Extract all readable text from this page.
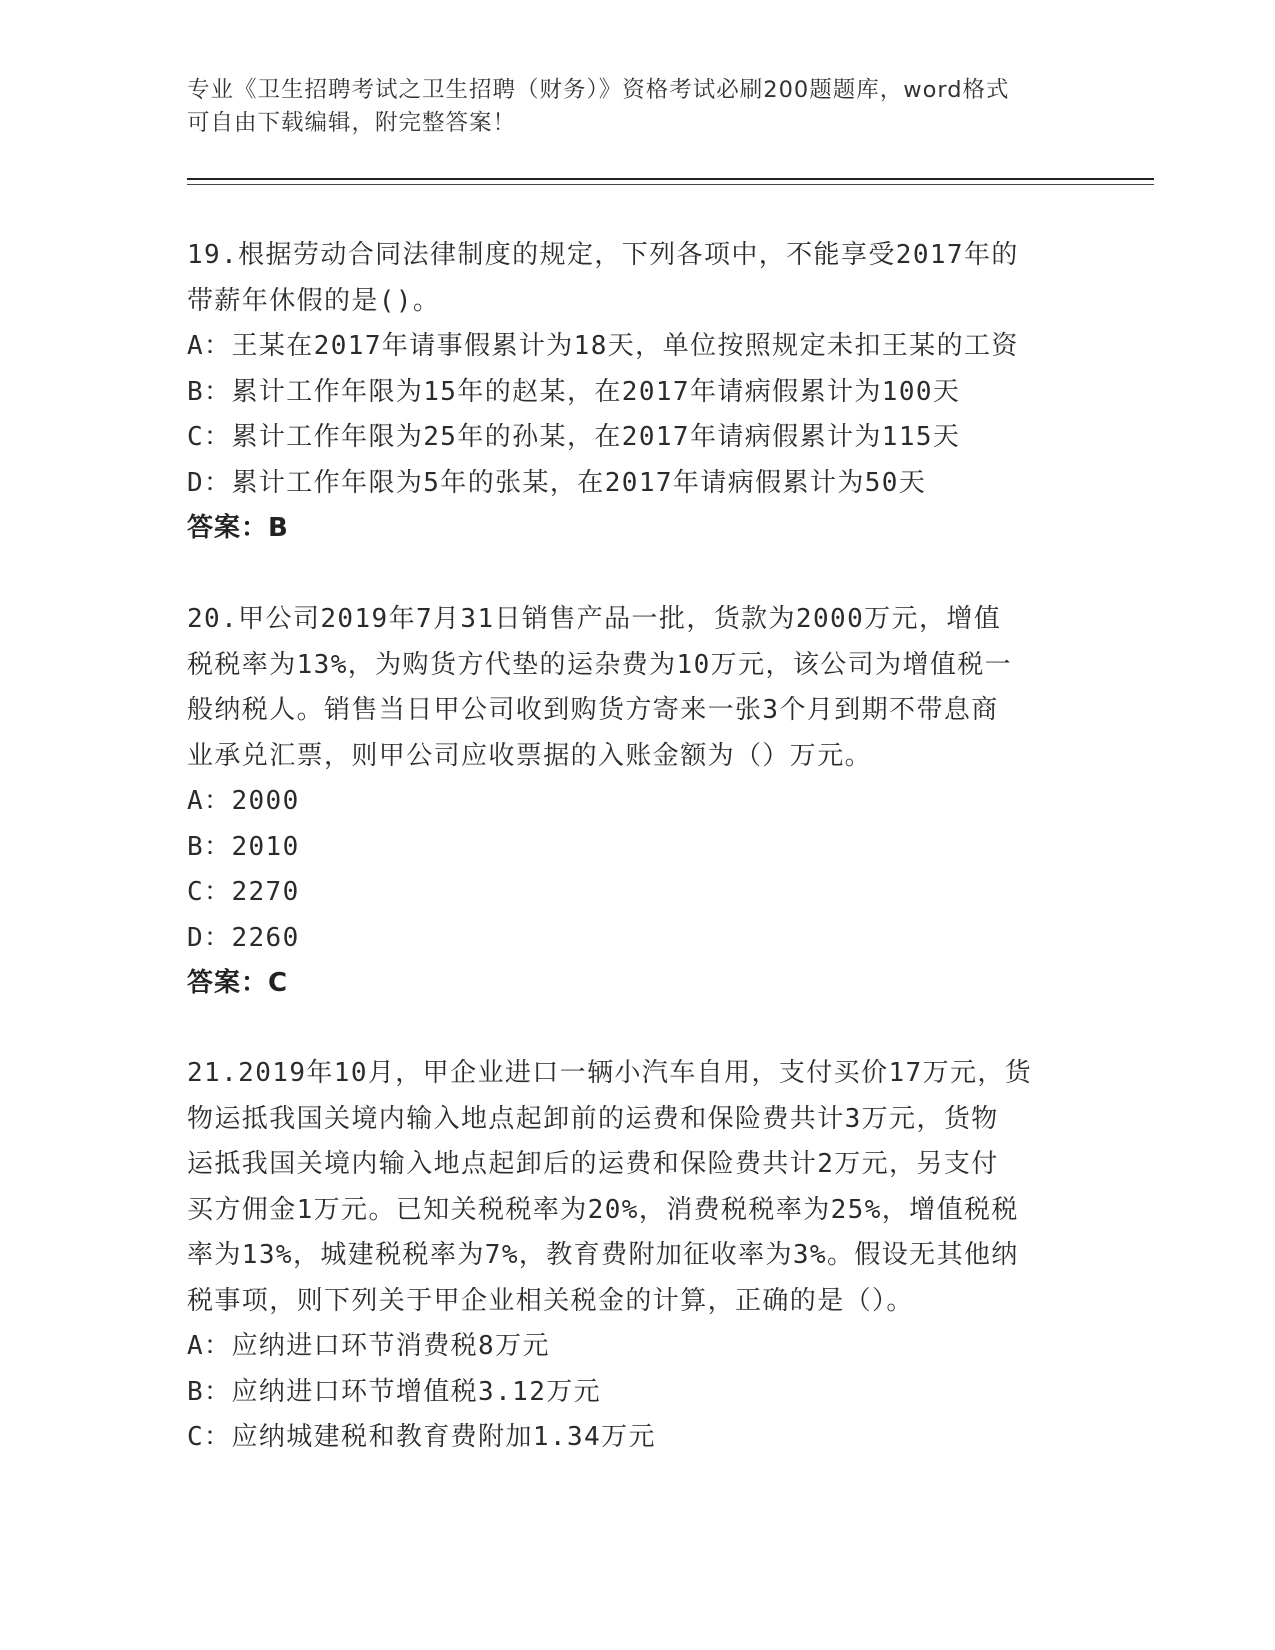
专业《卫生招聘考试之卫生招聘（财务）》资格考试必刷200题题库，word格式
可自由下载编辑，附完整答案！
19.根据劳动合同法律制度的规定，下列各项中，不能享受2017年的
带薪年休假的是()。
A：王某在2017年请事假累计为18天，单位按照规定未扣王某的工资
B：累计工作年限为15年的赵某，在2017年请病假累计为100天
C：累计工作年限为25年的孙某，在2017年请病假累计为115天
D：累计工作年限为5年的张某，在2017年请病假累计为50天
答案：B
20.甲公司2019年7月31日销售产品一批，货款为2000万元，增值
税税率为13%，为购货方代垫的运杂费为10万元，该公司为增值税一
般纳税人。销售当日甲公司收到购货方寄来一张3个月到期不带息商
业承兑汇票，则甲公司应收票据的入账金额为（）万元。
A：2000
B：2010
C：2270
D：2260
答案：C
21.2019年10月，甲企业进口一辆小汽车自用，支付买价17万元，货
物运抵我国关境内输入地点起卸前的运费和保险费共计3万元，货物
运抵我国关境内输入地点起卸后的运费和保险费共计2万元，另支付
买方佣金1万元。已知关税税率为20%，消费税税率为25%，增值税税
率为13%，城建税税率为7%，教育费附加征收率为3%。假设无其他纳
税事项，则下列关于甲企业相关税金的计算，正确的是（）。
A：应纳进口环节消费税8万元
B：应纳进口环节增值税3.12万元
C：应纳城建税和教育费附加1.34万元
